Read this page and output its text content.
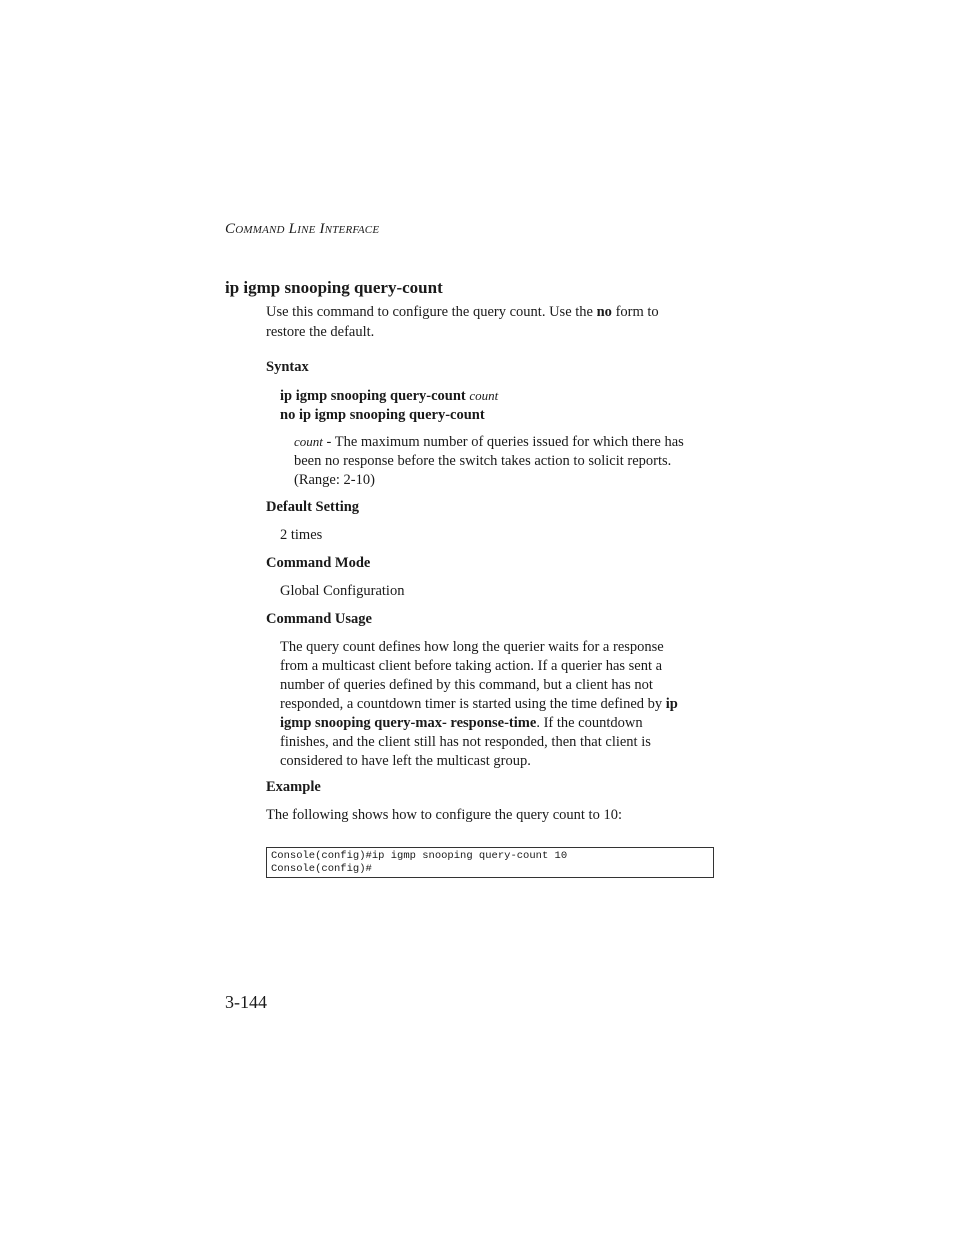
COMMAND LINE INTERFACE
ip igmp snooping query-count
Use this command to configure the query count. Use the no form to
restore the default.
Syntax
ip igmp snooping query-count count
no ip igmp snooping query-count
count - The maximum number of queries issued for which there has
been no response before the switch takes action to solicit reports.
(Range: 2-10)
Default Setting
2 times
Command Mode
Global Configuration
Command Usage
The query count defines how long the querier waits for a response
from a multicast client before taking action. If a querier has sent a
number of queries defined by this command, but a client has not
responded, a countdown timer is started using the time defined by ip
igmp snooping query-max- response-time. If the countdown
finishes, and the client still has not responded, then that client is
considered to have left the multicast group.
Example
The following shows how to configure the query count to 10:
Console(config)#ip igmp snooping query-count 10
Console(config)#
3-144
